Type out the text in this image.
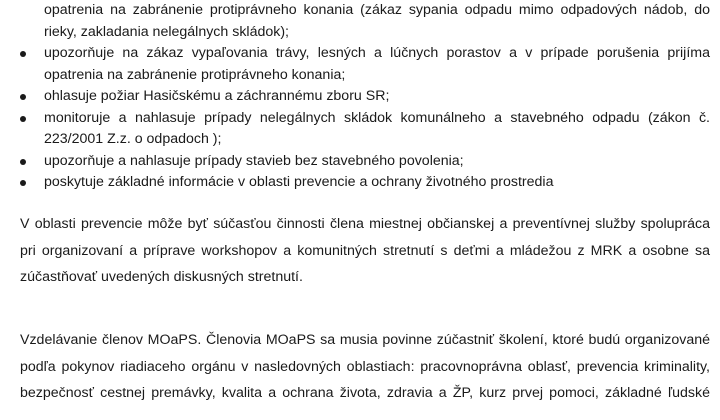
opatrenia na zabránenie protiprávneho konania (zákaz sypania odpadu mimo odpadových nádob, do
rieky, zakladania nelegálnych skládok);
upozorňuje na zákaz vypaľovania trávy, lesných a lúčnych porastov a v prípade porušenia prijíma
opatrenia na zabránenie protiprávneho konania;
ohlasuje požiar Hasičskému a záchrannému zboru SR;
monitoruje a nahlasuje prípady nelegálnych skládok komunálneho a stavebného odpadu (zákon č.
223/2001 Z.z. o odpadoch );
upozorňuje a nahlasuje prípady stavieb bez stavebného povolenia;
poskytuje základné informácie v oblasti prevencie a ochrany životného prostredia
V oblasti prevencie môže byť súčasťou činnosti člena miestnej občianskej a preventívnej služby spolupráca
pri organizovaní a príprave workshopov a komunitných stretnutí s deťmi a mládežou z MRK a osobne sa
zúčastňovať uvedených diskusných stretnutí.
Vzdelávanie členov MOaPS. Členovia MOaPS sa musia povinne zúčastniť školení, ktoré budú organizované
podľa pokynov riadiaceho orgánu v nasledovných oblastiach: pracovnoprávna oblasť, prevencia kriminality,
bezpečnosť cestnej premávky, kvalita a ochrana života, zdravia a ŽP, kurz prvej pomoci, základné ľudské
